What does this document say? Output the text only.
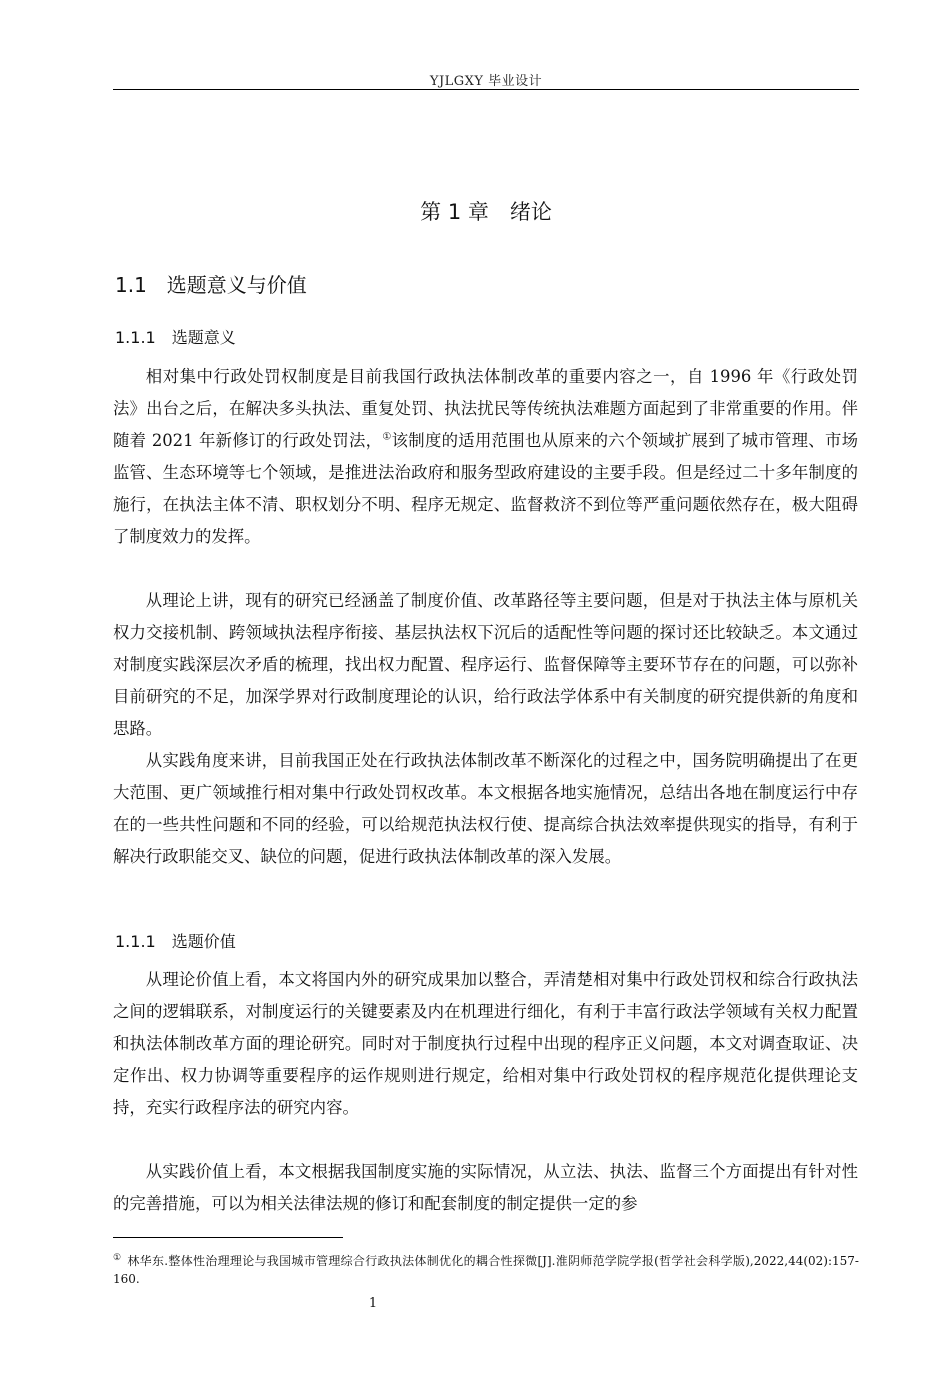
YJLGXY 毕业设计
第 1 章　绪论
1.1　选题意义与价值
1.1.1　选题意义

相对集中行政处罚权制度是目前我国行政执法体制改革的重要内容之一，自 1996 年《行政处罚法》出台之后，在解决多头执法、重复处罚、执法扰民等传统执法难题方面起到了非常重要的作用。伴随着 2021 年新修订的行政处罚法，①该制度的适用范围也从原来的六个领域扩展到了城市管理、市场监管、生态环境等七个领域，是推进法治政府和服务型政府建设的主要手段。但是经过二十多年制度的施行，在执法主体不清、职权划分不明、程序无规定、监督救济不到位等严重问题依然存在，极大阻碍了制度效力的发挥。

从理论上讲，现有的研究已经涵盖了制度价值、改革路径等主要问题，但是对于执法主体与原机关权力交接机制、跨领域执法程序衔接、基层执法权下沉后的适配性等问题的探讨还比较缺乏。本文通过对制度实践深层次矛盾的梳理，找出权力配置、程序运行、监督保障等主要环节存在的问题，可以弥补目前研究的不足，加深学界对行政制度理论的认识，给行政法学体系中有关制度的研究提供新的角度和思路。

从实践角度来讲，目前我国正处在行政执法体制改革不断深化的过程之中，国务院明确提出了在更大范围、更广领域推行相对集中行政处罚权改革。本文根据各地实施情况，总结出各地在制度运行中存在的一些共性问题和不同的经验，可以给规范执法权行使、提高综合执法效率提供现实的指导，有利于解决行政职能交叉、缺位的问题，促进行政执法体制改革的深入发展。

1.1.1　选题价值

从理论价值上看，本文将国内外的研究成果加以整合，弄清楚相对集中行政处罚权和综合行政执法之间的逻辑联系，对制度运行的关键要素及内在机理进行细化，有利于丰富行政法学领域有关权力配置和执法体制改革方面的理论研究。同时对于制度执行过程中出现的程序正义问题，本文对调查取证、决定作出、权力协调等重要程序的运作规则进行规定，给相对集中行政处罚权的程序规范化提供理论支持，充实行政程序法的研究内容。

从实践价值上看，本文根据我国制度实施的实际情况，从立法、执法、监督三个方面提出有针对性的完善措施，可以为相关法律法规的修订和配套制度的制定提供一定的参

① 林华东.整体性治理理论与我国城市管理综合行政执法体制优化的耦合性探微[J].淮阴师范学院学报(哲学社会科学版),2022,44(02):157-160.

1
